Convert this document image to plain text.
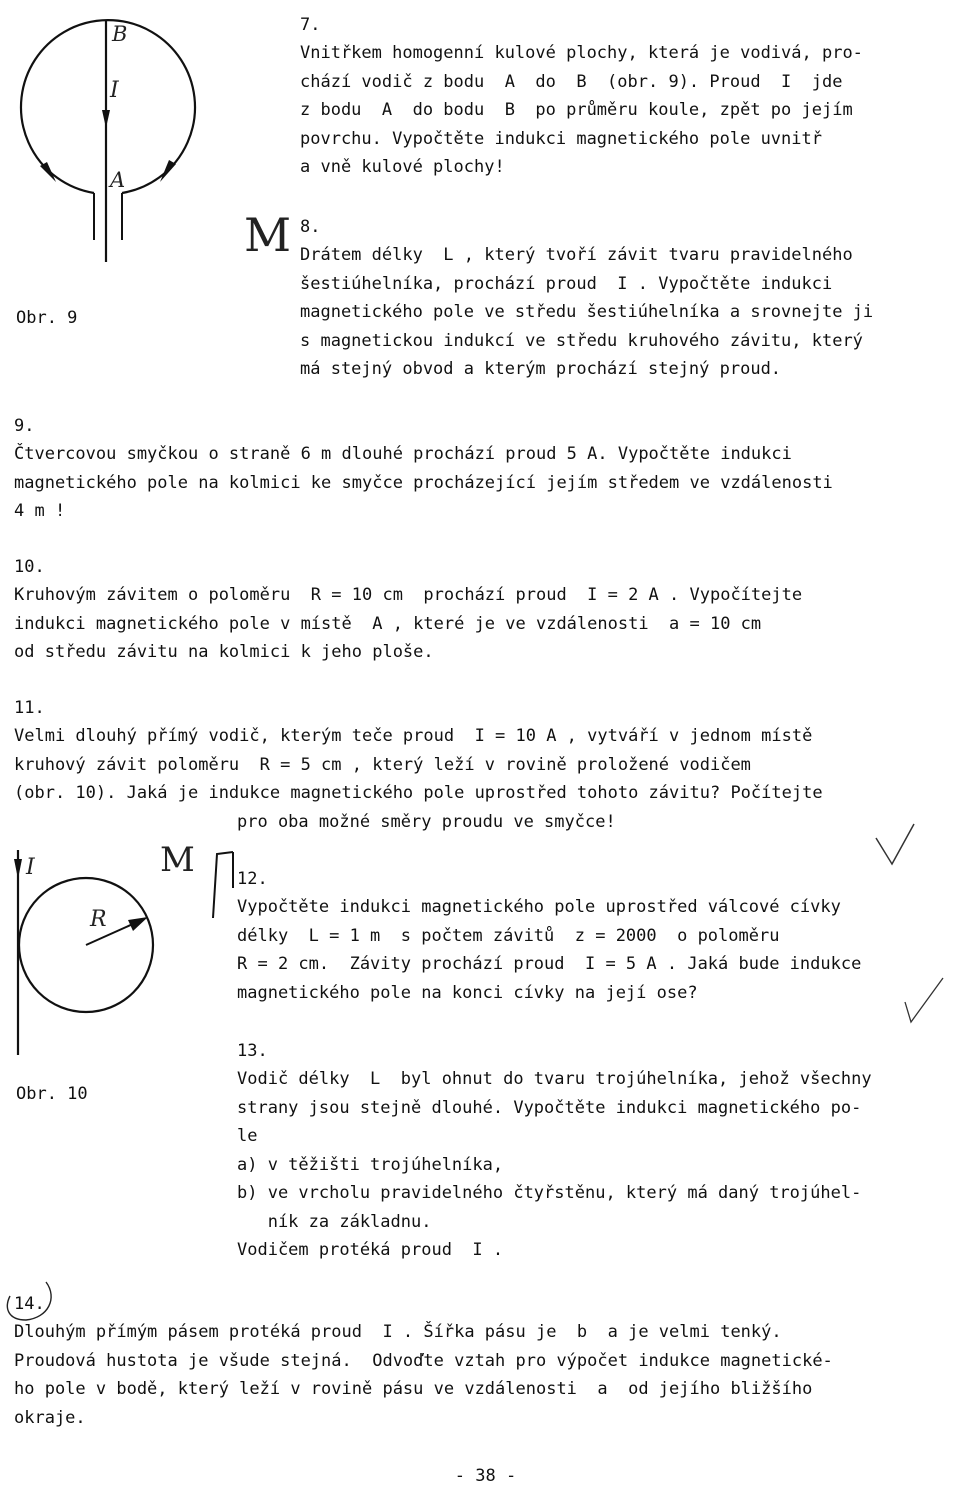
B
I
A
Obr. 9
M
7.
Vnitřkem homogenní kulové plochy, která je vodivá, pro-
chází vodič z bodu  A  do  B  (obr. 9). Proud  I  jde
z bodu  A  do bodu  B  po průměru koule, zpět po jejím
povrchu. Vypočtěte indukci magnetického pole uvnitř
a vně kulové plochy!
8.
Drátem délky  L , který tvoří závit tvaru pravidelného
šestiúhelníka, prochází proud  I . Vypočtěte indukci
magnetického pole ve středu šestiúhelníka a srovnejte ji
s magnetickou indukcí ve středu kruhového závitu, který
má stejný obvod a kterým prochází stejný proud.
9.
Čtvercovou smyčkou o straně 6 m dlouhé prochází proud 5 A. Vypočtěte indukci
magnetického pole na kolmici ke smyčce procházející jejím středem ve vzdálenosti
4 m !
10.
Kruhovým závitem o poloměru  R = 10 cm  prochází proud  I = 2 A . Vypočítejte
indukci magnetického pole v místě  A , které je ve vzdálenosti  a = 10 cm
od středu závitu na kolmici k jeho ploše.
11.
Velmi dlouhý přímý vodič, kterým teče proud  I = 10 A , vytváří v jednom místě
kruhový závit poloměru  R = 5 cm , který leží v rovině proložené vodičem
(obr. 10). Jaká je indukce magnetického pole uprostřed tohoto závitu? Počítejte
pro oba možné směry proudu ve smyčce!
I
R
Obr. 10
M 12.
Vypočtěte indukci magnetického pole uprostřed válcové cívky
délky  L = 1 m  s počtem závitů  z = 2000  o poloměru
R = 2 cm.  Závity prochází proud  I = 5 A . Jaká bude indukce
magnetického pole na konci cívky na její ose?
13.
Vodič délky  L  byl ohnut do tvaru trojúhelníka, jehož všechny
strany jsou stejně dlouhé. Vypočtěte indukci magnetického po-
le
a) v těžišti trojúhelníka,
b) ve vrcholu pravidelného čtyřstěnu, který má daný trojúhel-
ník za základnu.
Vodičem protéká proud  I .
14.
Dlouhým přímým pásem protéká proud  I . Šířka pásu je  b  a je velmi tenký.
Proudová hustota je všude stejná.  Odvoďte vztah pro výpočet indukce magnetické-
ho pole v bodě, který leží v rovině pásu ve vzdálenosti  a  od jejího bližšího
okraje.
- 38 -
